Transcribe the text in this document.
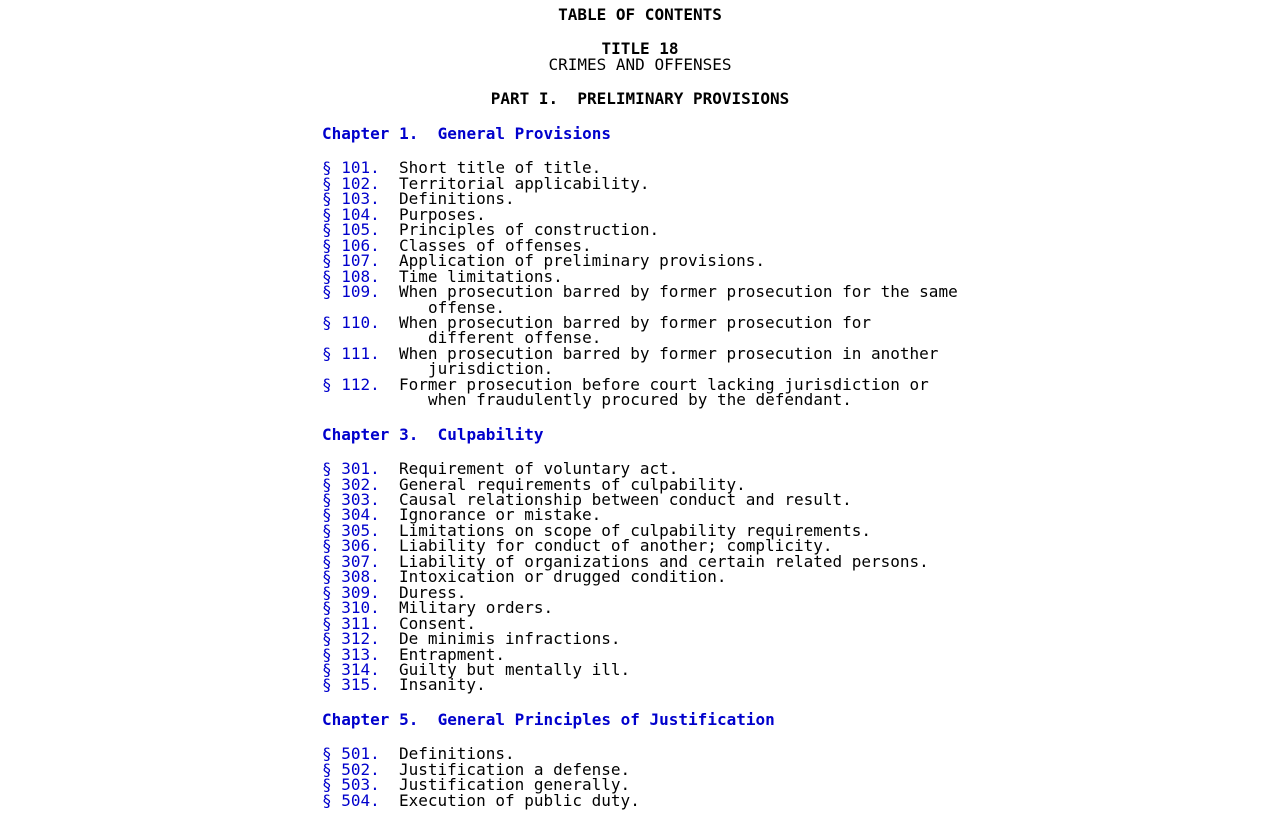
TABLE OF CONTENTS
TITLE 18
CRIMES AND OFFENSES
PART I.  PRELIMINARY PROVISIONS
Chapter 1.  General Provisions
§ 101.	Short title of title.
§ 102.	Territorial applicability.
§ 103.	Definitions.
§ 104.	Purposes.
§ 105.	Principles of construction.
§ 106.	Classes of offenses.
§ 107.	Application of preliminary provisions.
§ 108.	Time limitations.
§ 109.	When prosecution barred by former prosecution for the same
offense.
§ 110.	When prosecution barred by former prosecution for
different offense.
§ 111.	When prosecution barred by former prosecution in another
jurisdiction.
§ 112.	Former prosecution before court lacking jurisdiction or
when fraudulently procured by the defendant.
Chapter 3.  Culpability
§ 301.	Requirement of voluntary act.
§ 302.	General requirements of culpability.
§ 303.	Causal relationship between conduct and result.
§ 304.	Ignorance or mistake.
§ 305.	Limitations on scope of culpability requirements.
§ 306.	Liability for conduct of another; complicity.
§ 307.	Liability of organizations and certain related persons.
§ 308.	Intoxication or drugged condition.
§ 309.	Duress.
§ 310.	Military orders.
§ 311.	Consent.
§ 312.	De minimis infractions.
§ 313.	Entrapment.
§ 314.	Guilty but mentally ill.
§ 315.	Insanity.
Chapter 5.  General Principles of Justification
§ 501.	Definitions.
§ 502.	Justification a defense.
§ 503.	Justification generally.
§ 504.	Execution of public duty.
